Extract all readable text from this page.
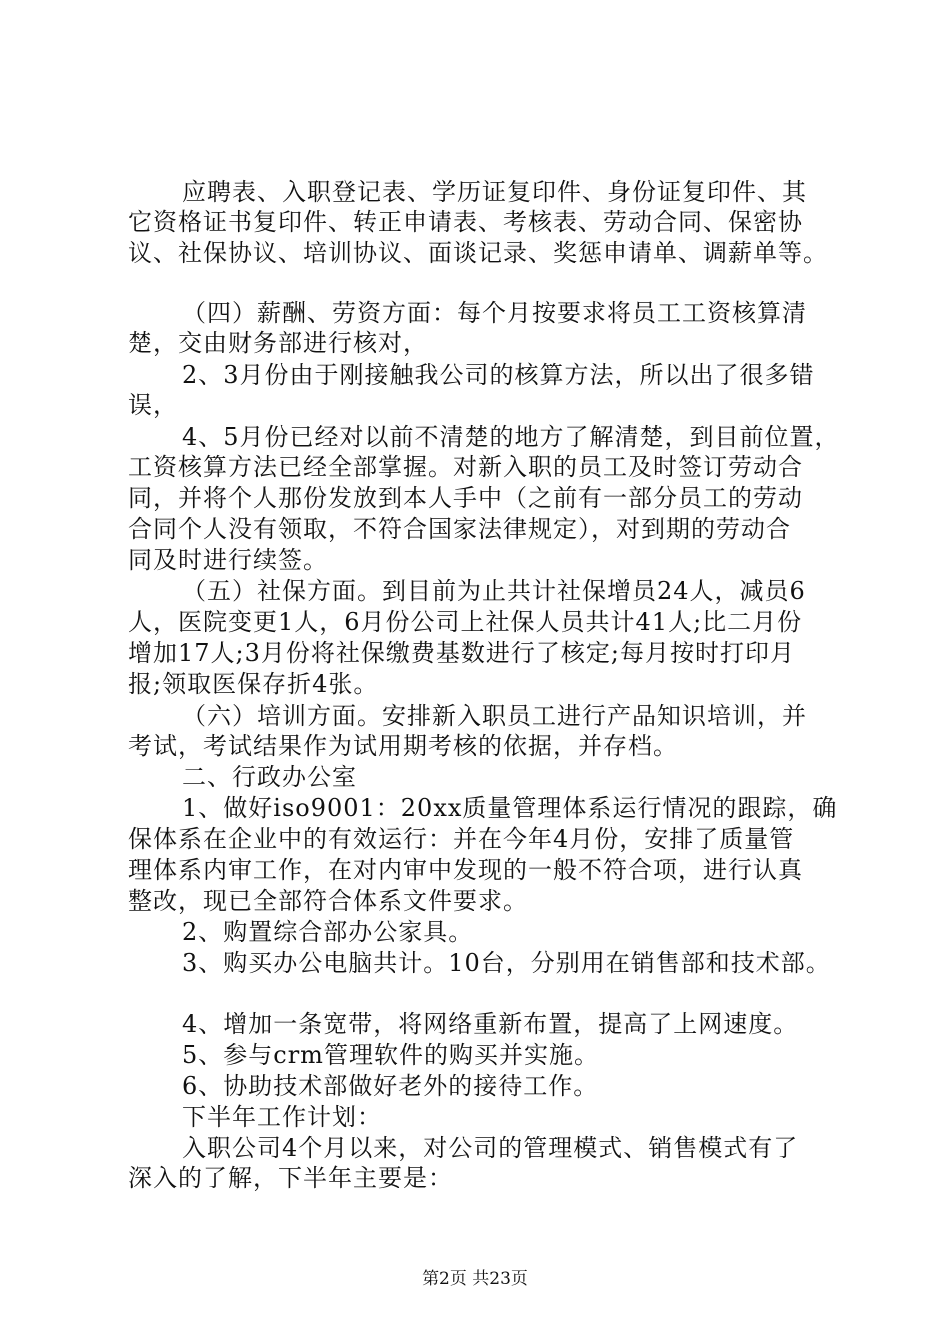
应聘表、入职登记表、学历证复印件、身份证复印件、其
它资格证书复印件、转正申请表、考核表、劳动合同、保密协
议、社保协议、培训协议、面谈记录、奖惩申请单、调薪单等。
（四）薪酬、劳资方面：每个月按要求将员工工资核算清
楚，交由财务部进行核对，
2、3月份由于刚接触我公司的核算方法，所以出了很多错
误，
4、5月份已经对以前不清楚的地方了解清楚，到目前位置，
工资核算方法已经全部掌握。对新入职的员工及时签订劳动合
同，并将个人那份发放到本人手中（之前有一部分员工的劳动
合同个人没有领取，不符合国家法律规定），对到期的劳动合
同及时进行续签。
（五）社保方面。到目前为止共计社保增员24人，减员6
人，医院变更1人，6月份公司上社保人员共计41人;比二月份
增加17人;3月份将社保缴费基数进行了核定;每月按时打印月
报;领取医保存折4张。
（六）培训方面。安排新入职员工进行产品知识培训，并
考试，考试结果作为试用期考核的依据，并存档。
二、行政办公室
1、做好iso9001：20xx质量管理体系运行情况的跟踪，确
保体系在企业中的有效运行：并在今年4月份，安排了质量管
理体系内审工作，在对内审中发现的一般不符合项，进行认真
整改，现已全部符合体系文件要求。
2、购置综合部办公家具。
3、购买办公电脑共计。10台，分别用在销售部和技术部。
4、增加一条宽带，将网络重新布置，提高了上网速度。
5、参与crm管理软件的购买并实施。
6、协助技术部做好老外的接待工作。
下半年工作计划：
入职公司4个月以来，对公司的管理模式、销售模式有了
深入的了解，下半年主要是：
第2页 共23页
